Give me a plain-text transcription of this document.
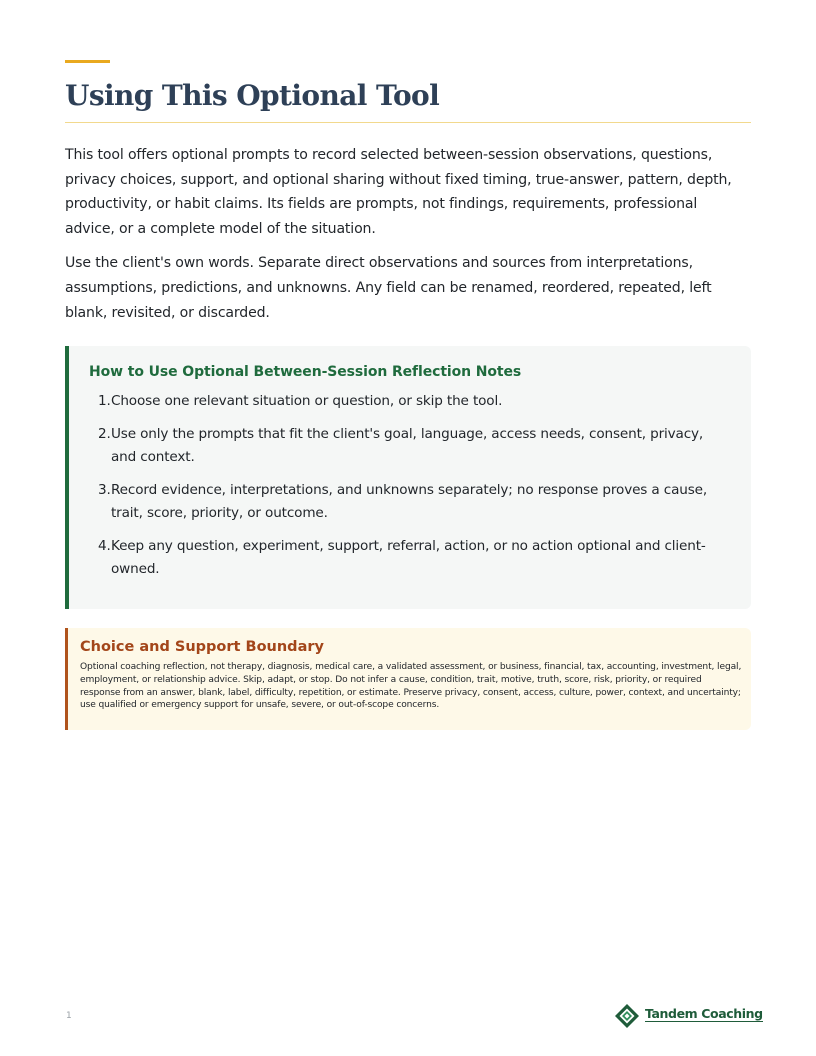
Using This Optional Tool

This tool offers optional prompts to record selected between-session observations, questions, privacy choices, support, and optional sharing without fixed timing, true-answer, pattern, depth, productivity, or habit claims. Its fields are prompts, not findings, requirements, professional advice, or a complete model of the situation.

Use the client's own words. Separate direct observations and sources from interpretations, assumptions, predictions, and unknowns. Any field can be renamed, reordered, repeated, left blank, revisited, or discarded.

How to Use Optional Between-Session Reflection Notes
Choose one relevant situation or question, or skip the tool.
Use only the prompts that fit the client's goal, language, access needs, consent, privacy, and context.
Record evidence, interpretations, and unknowns separately; no response proves a cause, trait, score, priority, or outcome.
Keep any question, experiment, support, referral, action, or no action optional and client-owned.
Choice and Support Boundary

Optional coaching reflection, not therapy, diagnosis, medical care, a validated assessment, or business, financial, tax, accounting, investment, legal, employment, or relationship advice. Skip, adapt, or stop. Do not infer a cause, condition, trait, motive, truth, score, risk, priority, or required response from an answer, blank, label, difficulty, repetition, or estimate. Preserve privacy, consent, access, culture, power, context, and uncertainty; use qualified or emergency support for unsafe, severe, or out-of-scope concerns.

1	Tandem Coaching
